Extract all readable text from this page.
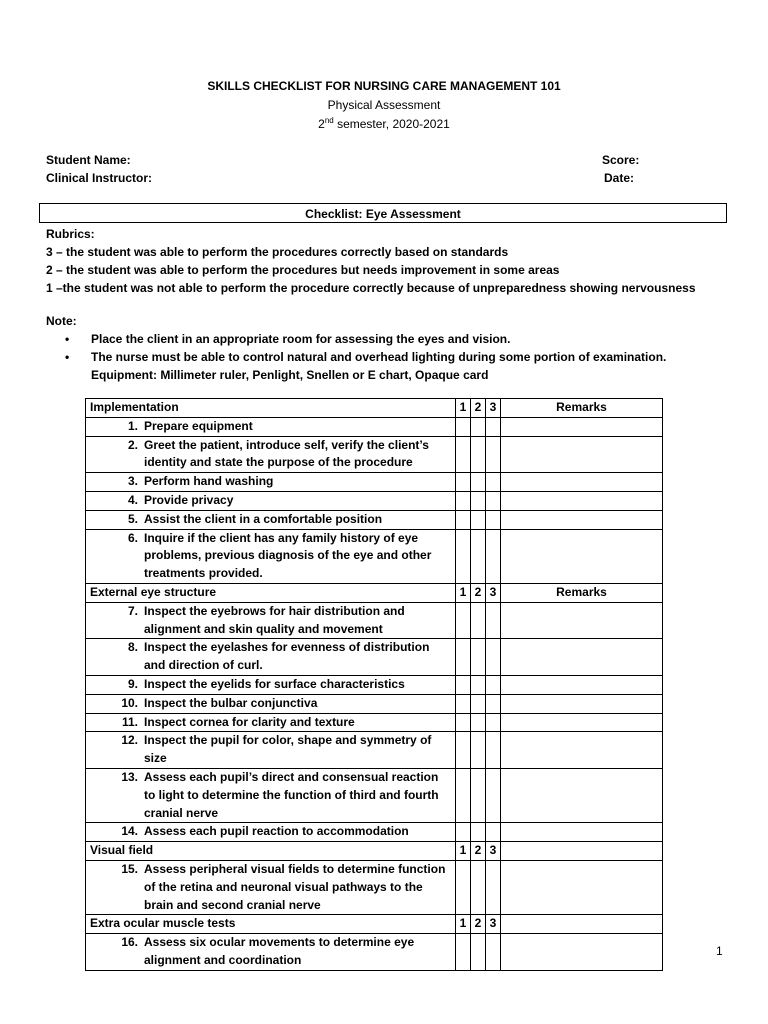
SKILLS CHECKLIST FOR NURSING CARE MANAGEMENT 101
Physical Assessment
2nd semester, 2020-2021
Student Name:
Clinical Instructor:
Score:
Date:
Checklist: Eye Assessment
Rubrics:
3 – the student was able to perform the procedures correctly based on standards
2 – the student was able to perform the procedures but needs improvement in some areas
1 –the student was not able to perform the procedure correctly because of unpreparedness showing nervousness
Note:
• Place the client in an appropriate room for assessing the eyes and vision.
• The nurse must be able to control natural and overhead lighting during some portion of examination.
Equipment: Millimeter ruler, Penlight, Snellen or E chart, Opaque card
Implementation	1	2	3	Remarks

1. Prepare equipment				

2. Greet the patient, introduce self, verify the client’s identity and state the purpose of the procedure				

3. Perform hand washing				

4. Provide privacy				

5. Assist the client in a comfortable position				

6. Inquire if the client has any family history of eye problems, previous diagnosis of the eye and other treatments provided.				

External eye structure	1	2	3	Remarks

7. Inspect the eyebrows for hair distribution and alignment and skin quality and movement				

8. Inspect the eyelashes for evenness of distribution and direction of curl.				

9. Inspect the eyelids for surface characteristics				

10. Inspect the bulbar conjunctiva				

11. Inspect cornea for clarity and texture				

12. Inspect the pupil for color, shape and symmetry of size				

13. Assess each pupil’s direct and consensual reaction to light to determine the function of third and fourth cranial nerve				

14. Assess each pupil reaction to accommodation				

Visual field	1	2	3	

15. Assess peripheral visual fields to determine function of the retina and neuronal visual pathways to the brain and second cranial nerve				

Extra ocular muscle tests	1	2	3	

16. Assess six ocular movements to determine eye alignment and coordination				

1
